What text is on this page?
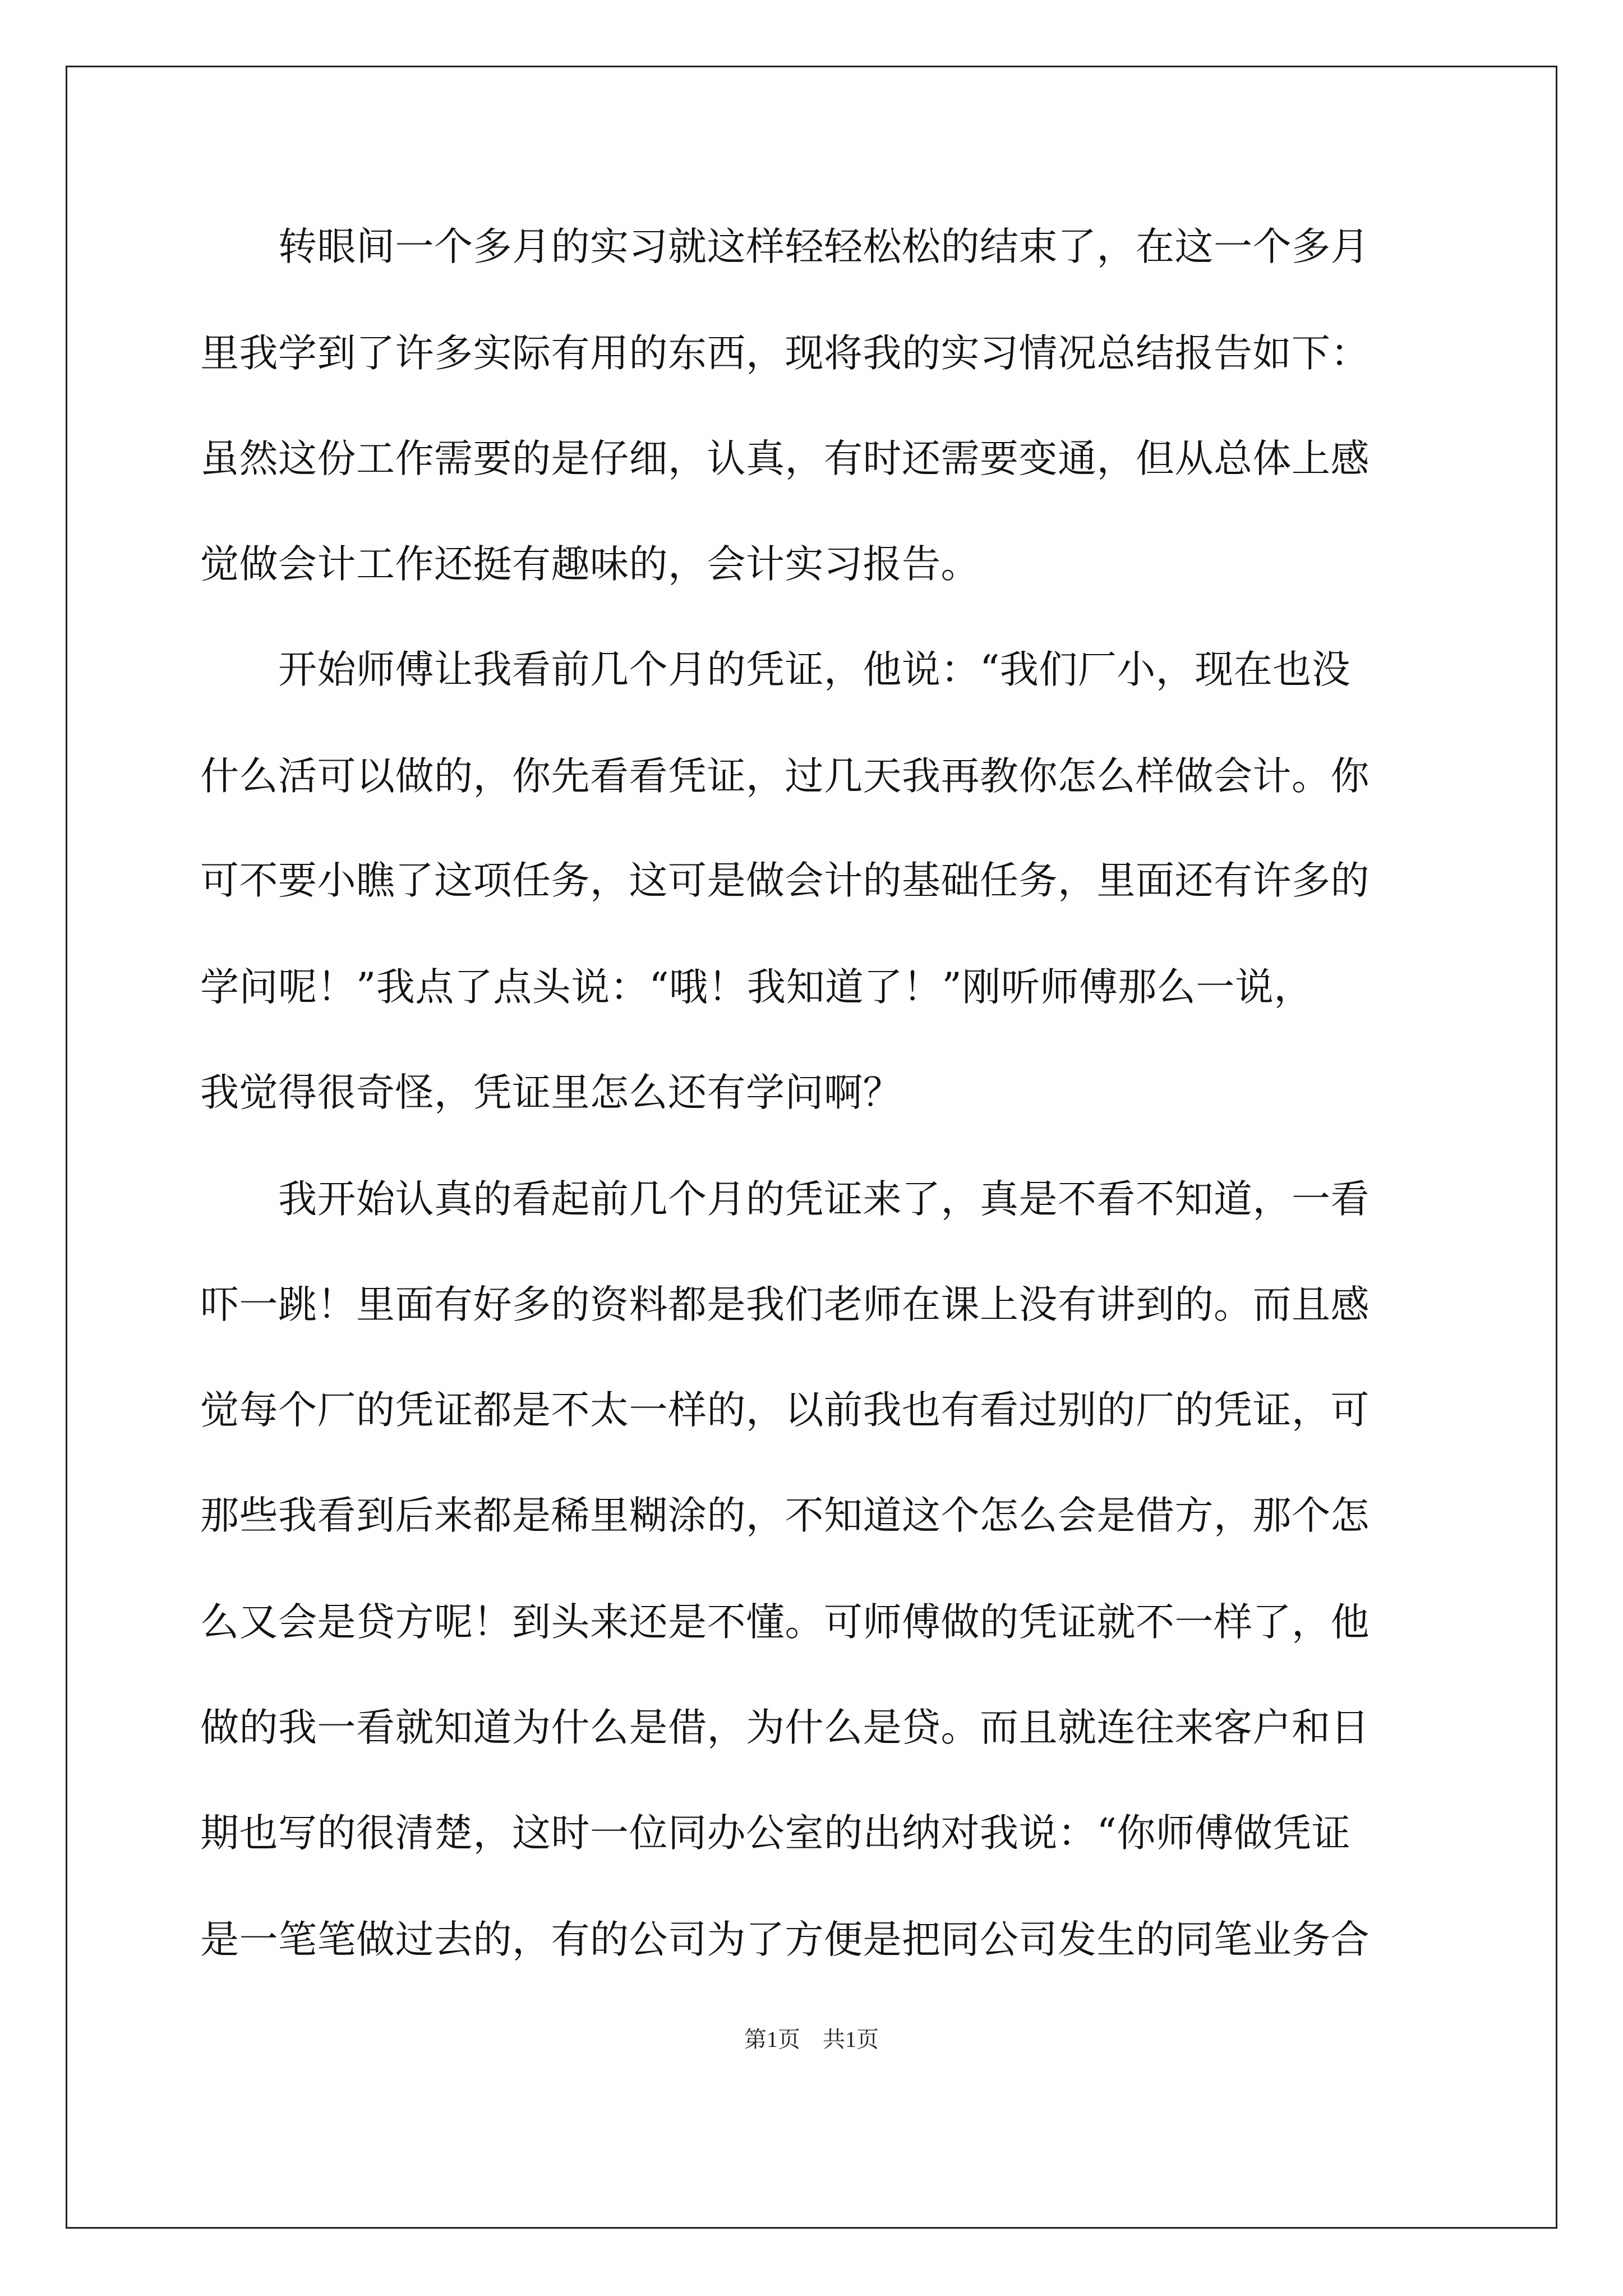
　　转眼间一个多月的实习就这样轻轻松松的结束了，在这一个多月
里我学到了许多实际有用的东西，现将我的实习情况总结报告如下：
虽然这份工作需要的是仔细，认真，有时还需要变通，但从总体上感
觉做会计工作还挺有趣味的，会计实习报告。
　　开始师傅让我看前几个月的凭证，他说：“我们厂小，现在也没
什么活可以做的，你先看看凭证，过几天我再教你怎么样做会计。你
可不要小瞧了这项任务，这可是做会计的基础任务，里面还有许多的
学问呢！”我点了点头说：“哦！我知道了！”刚听师傅那么一说，
我觉得很奇怪，凭证里怎么还有学问啊？
　　我开始认真的看起前几个月的凭证来了，真是不看不知道，一看
吓一跳！里面有好多的资料都是我们老师在课上没有讲到的。而且感
觉每个厂的凭证都是不太一样的，以前我也有看过别的厂的凭证，可
那些我看到后来都是稀里糊涂的，不知道这个怎么会是借方，那个怎
么又会是贷方呢！到头来还是不懂。可师傅做的凭证就不一样了，他
做的我一看就知道为什么是借，为什么是贷。而且就连往来客户和日
期也写的很清楚，这时一位同办公室的出纳对我说：“你师傅做凭证
是一笔笔做过去的，有的公司为了方便是把同公司发生的同笔业务合
第1页　共1页
